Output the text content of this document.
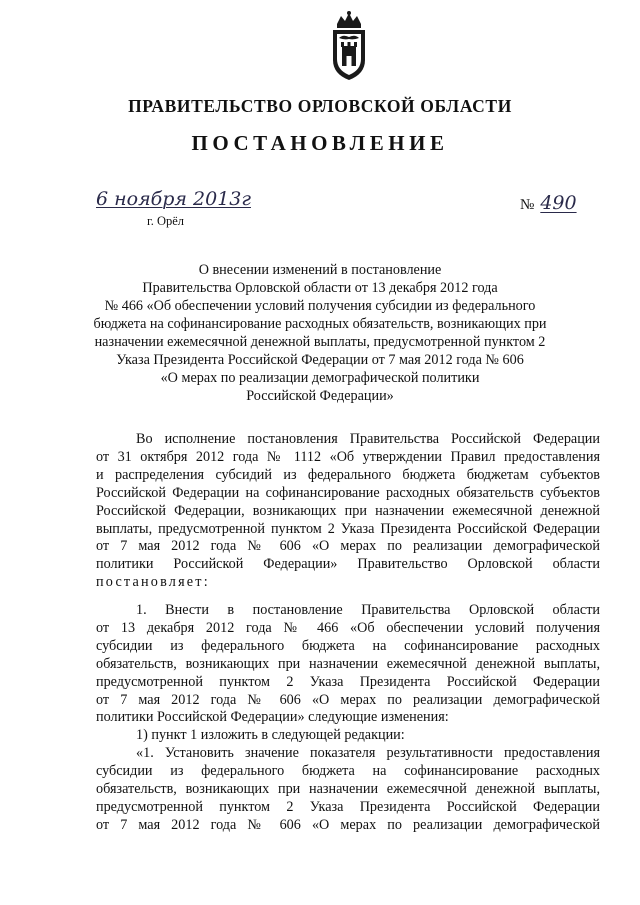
ПРАВИТЕЛЬСТВО ОРЛОВСКОЙ ОБЛАСТИ
ПОСТАНОВЛЕНИЕ
6 ноября 2013г	№ 490
г. Орёл
О внесении изменений в постановление
Правительства Орловской области от 13 декабря 2012 года
№ 466 «Об обеспечении условий получения субсидии из федерального
бюджета на софинансирование расходных обязательств, возникающих при
назначении ежемесячной денежной выплаты, предусмотренной пунктом 2
Указа Президента Российской Федерации от 7 мая 2012 года № 606
«О мерах по реализации демографической политики
Российской Федерации»
Во исполнение постановления Правительства Российской Федерации
от 31 октября 2012 года № 1112 «Об утверждении Правил предоставления
и распределения субсидий из федерального бюджета бюджетам субъектов
Российской Федерации на софинансирование расходных обязательств субъектов
Российской Федерации, возникающих при назначении ежемесячной денежной
выплаты, предусмотренной пунктом 2 Указа Президента Российской Федерации
от 7 мая 2012 года № 606 «О мерах по реализации демографической
политики Российской Федерации» Правительство Орловской области
постановляет:
1. Внести в постановление Правительства Орловской области
от 13 декабря 2012 года № 466 «Об обеспечении условий получения
субсидии из федерального бюджета на софинансирование расходных
обязательств, возникающих при назначении ежемесячной денежной выплаты,
предусмотренной пунктом 2 Указа Президента Российской Федерации
от 7 мая 2012 года № 606 «О мерах по реализации демографической
политики Российской Федерации» следующие изменения:
1) пункт 1 изложить в следующей редакции:
«1. Установить значение показателя результативности предоставления
субсидии из федерального бюджета на софинансирование расходных
обязательств, возникающих при назначении ежемесячной денежной выплаты,
предусмотренной пунктом 2 Указа Президента Российской Федерации
от 7 мая 2012 года № 606 «О мерах по реализации демографической
